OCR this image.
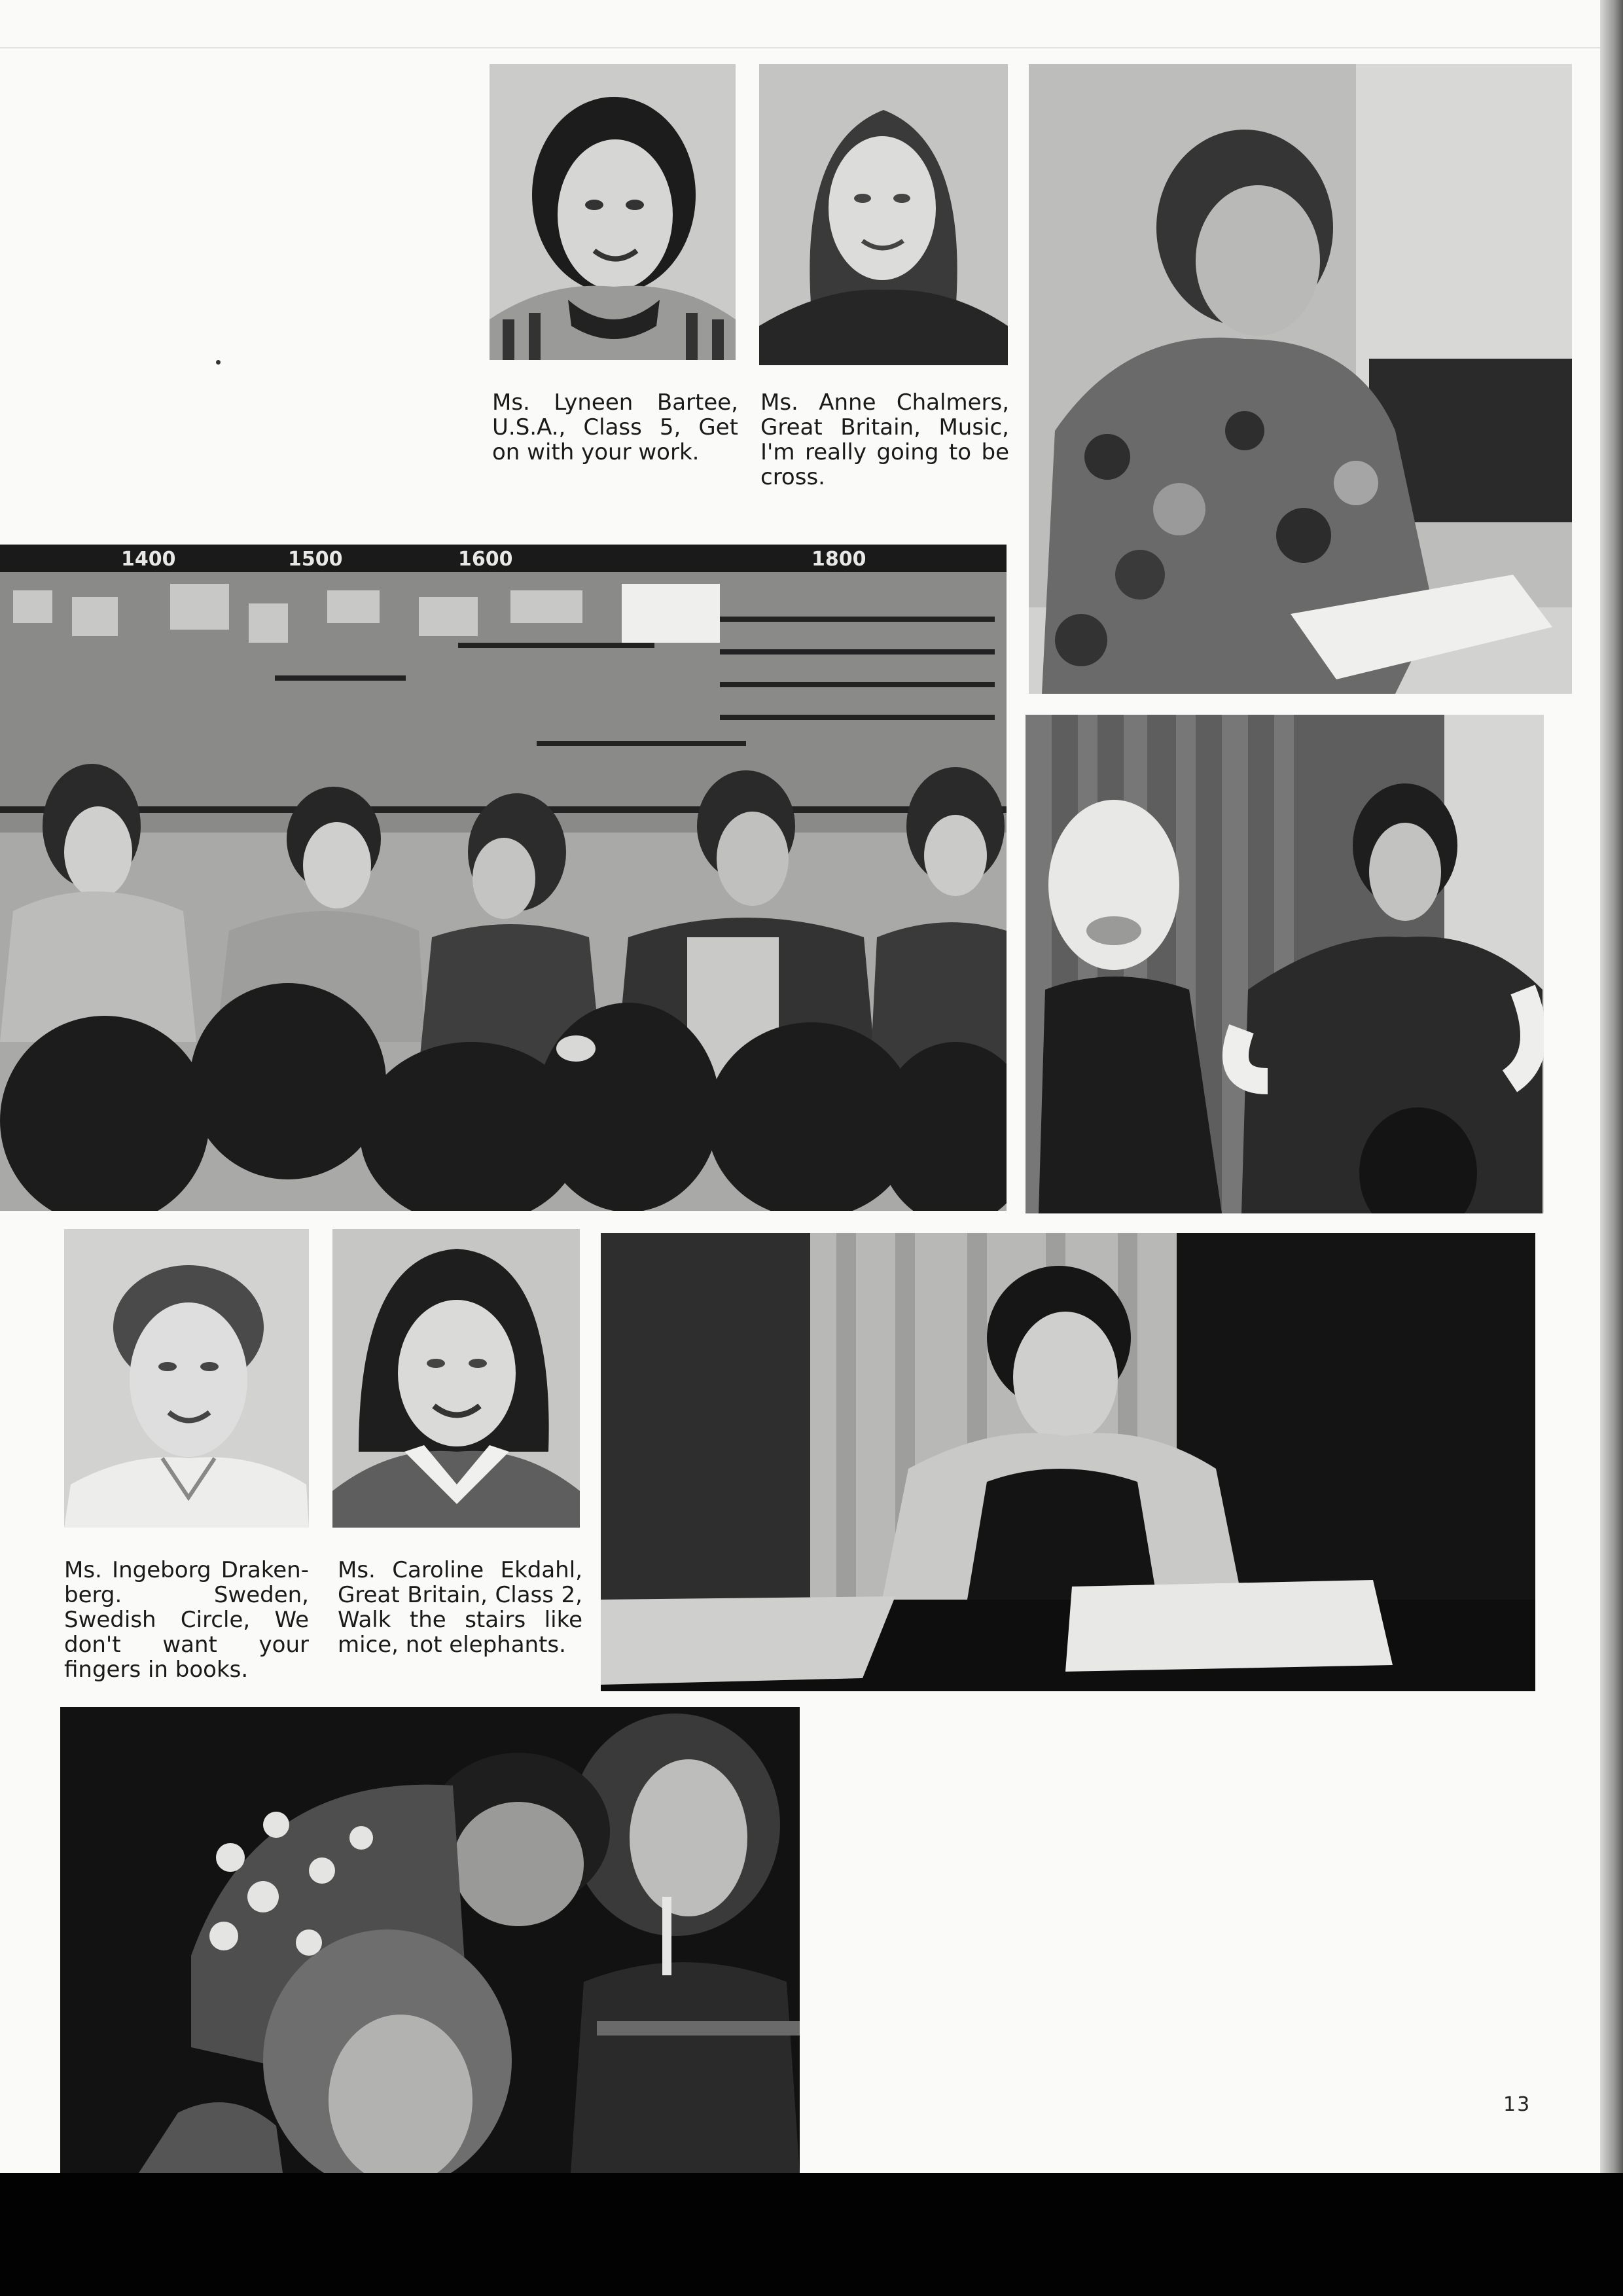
Ms. Lyneen Bartee, U.S.A., Class 5, Get on with your work.

Ms. Anne Chalmers, Great Britain, Music, I'm really going to be cross.

1400	1500	1600	1800

Ms. Ingeborg Draken-berg. Sweden, Swedish Circle, We don't want your fingers in books.

Ms. Caroline Ekdahl, Great Britain, Class 2, Walk the stairs like mice, not elephants.

13
